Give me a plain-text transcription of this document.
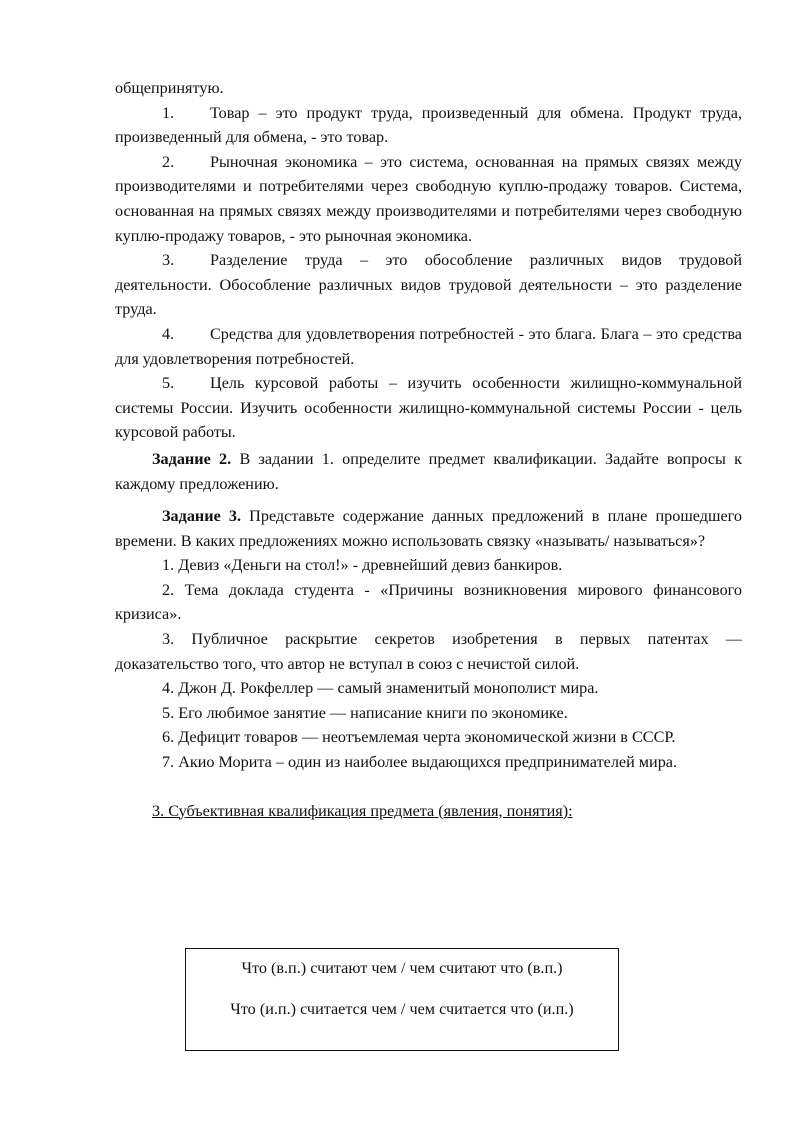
общепринятую.

1. Товар – это продукт труда, произведенный для обмена. Продукт труда, произведенный для обмена, - это товар.

2. Рыночная экономика – это система, основанная на прямых связях между производителями и потребителями через свободную куплю-продажу товаров. Система, основанная на прямых связях между производителями и потребителями через свободную куплю-продажу товаров, - это рыночная экономика.

3. Разделение труда – это обособление различных видов трудовой деятельности. Обособление различных видов трудовой деятельности – это разделение труда.

4. Средства для удовлетворения потребностей - это блага. Блага – это средства для удовлетворения потребностей.

5. Цель курсовой работы – изучить особенности жилищно-коммунальной системы России. Изучить особенности жилищно-коммунальной системы России - цель курсовой работы.

Задание 2. В задании 1. определите предмет квалификации. Задайте вопросы к каждому предложению.

Задание 3. Представьте содержание данных предложений в плане прошедшего времени. В каких предложениях можно использовать связку «называть/ называться»?

1. Девиз «Деньги на стол!» - древнейший девиз банкиров.

2. Тема доклада студента - «Причины возникновения мирового финансового кризиса».

3. Публичное раскрытие секретов изобретения в первых патентах — доказательство того, что автор не вступал в союз с нечистой силой.

4. Джон Д. Рокфеллер — самый знаменитый монополист мира.

5. Его любимое занятие — написание книги по экономике.

6. Дефицит товаров — неотъемлемая черта экономической жизни в СССР.

7. Акио Морита – один из наиболее выдающихся предпринимателей мира.

3. Субъективная квалификация предмета (явления, понятия):

Что (в.п.) считают чем / чем считают что (в.п.)
Что (и.п.) считается чем / чем считается что (и.п.)
